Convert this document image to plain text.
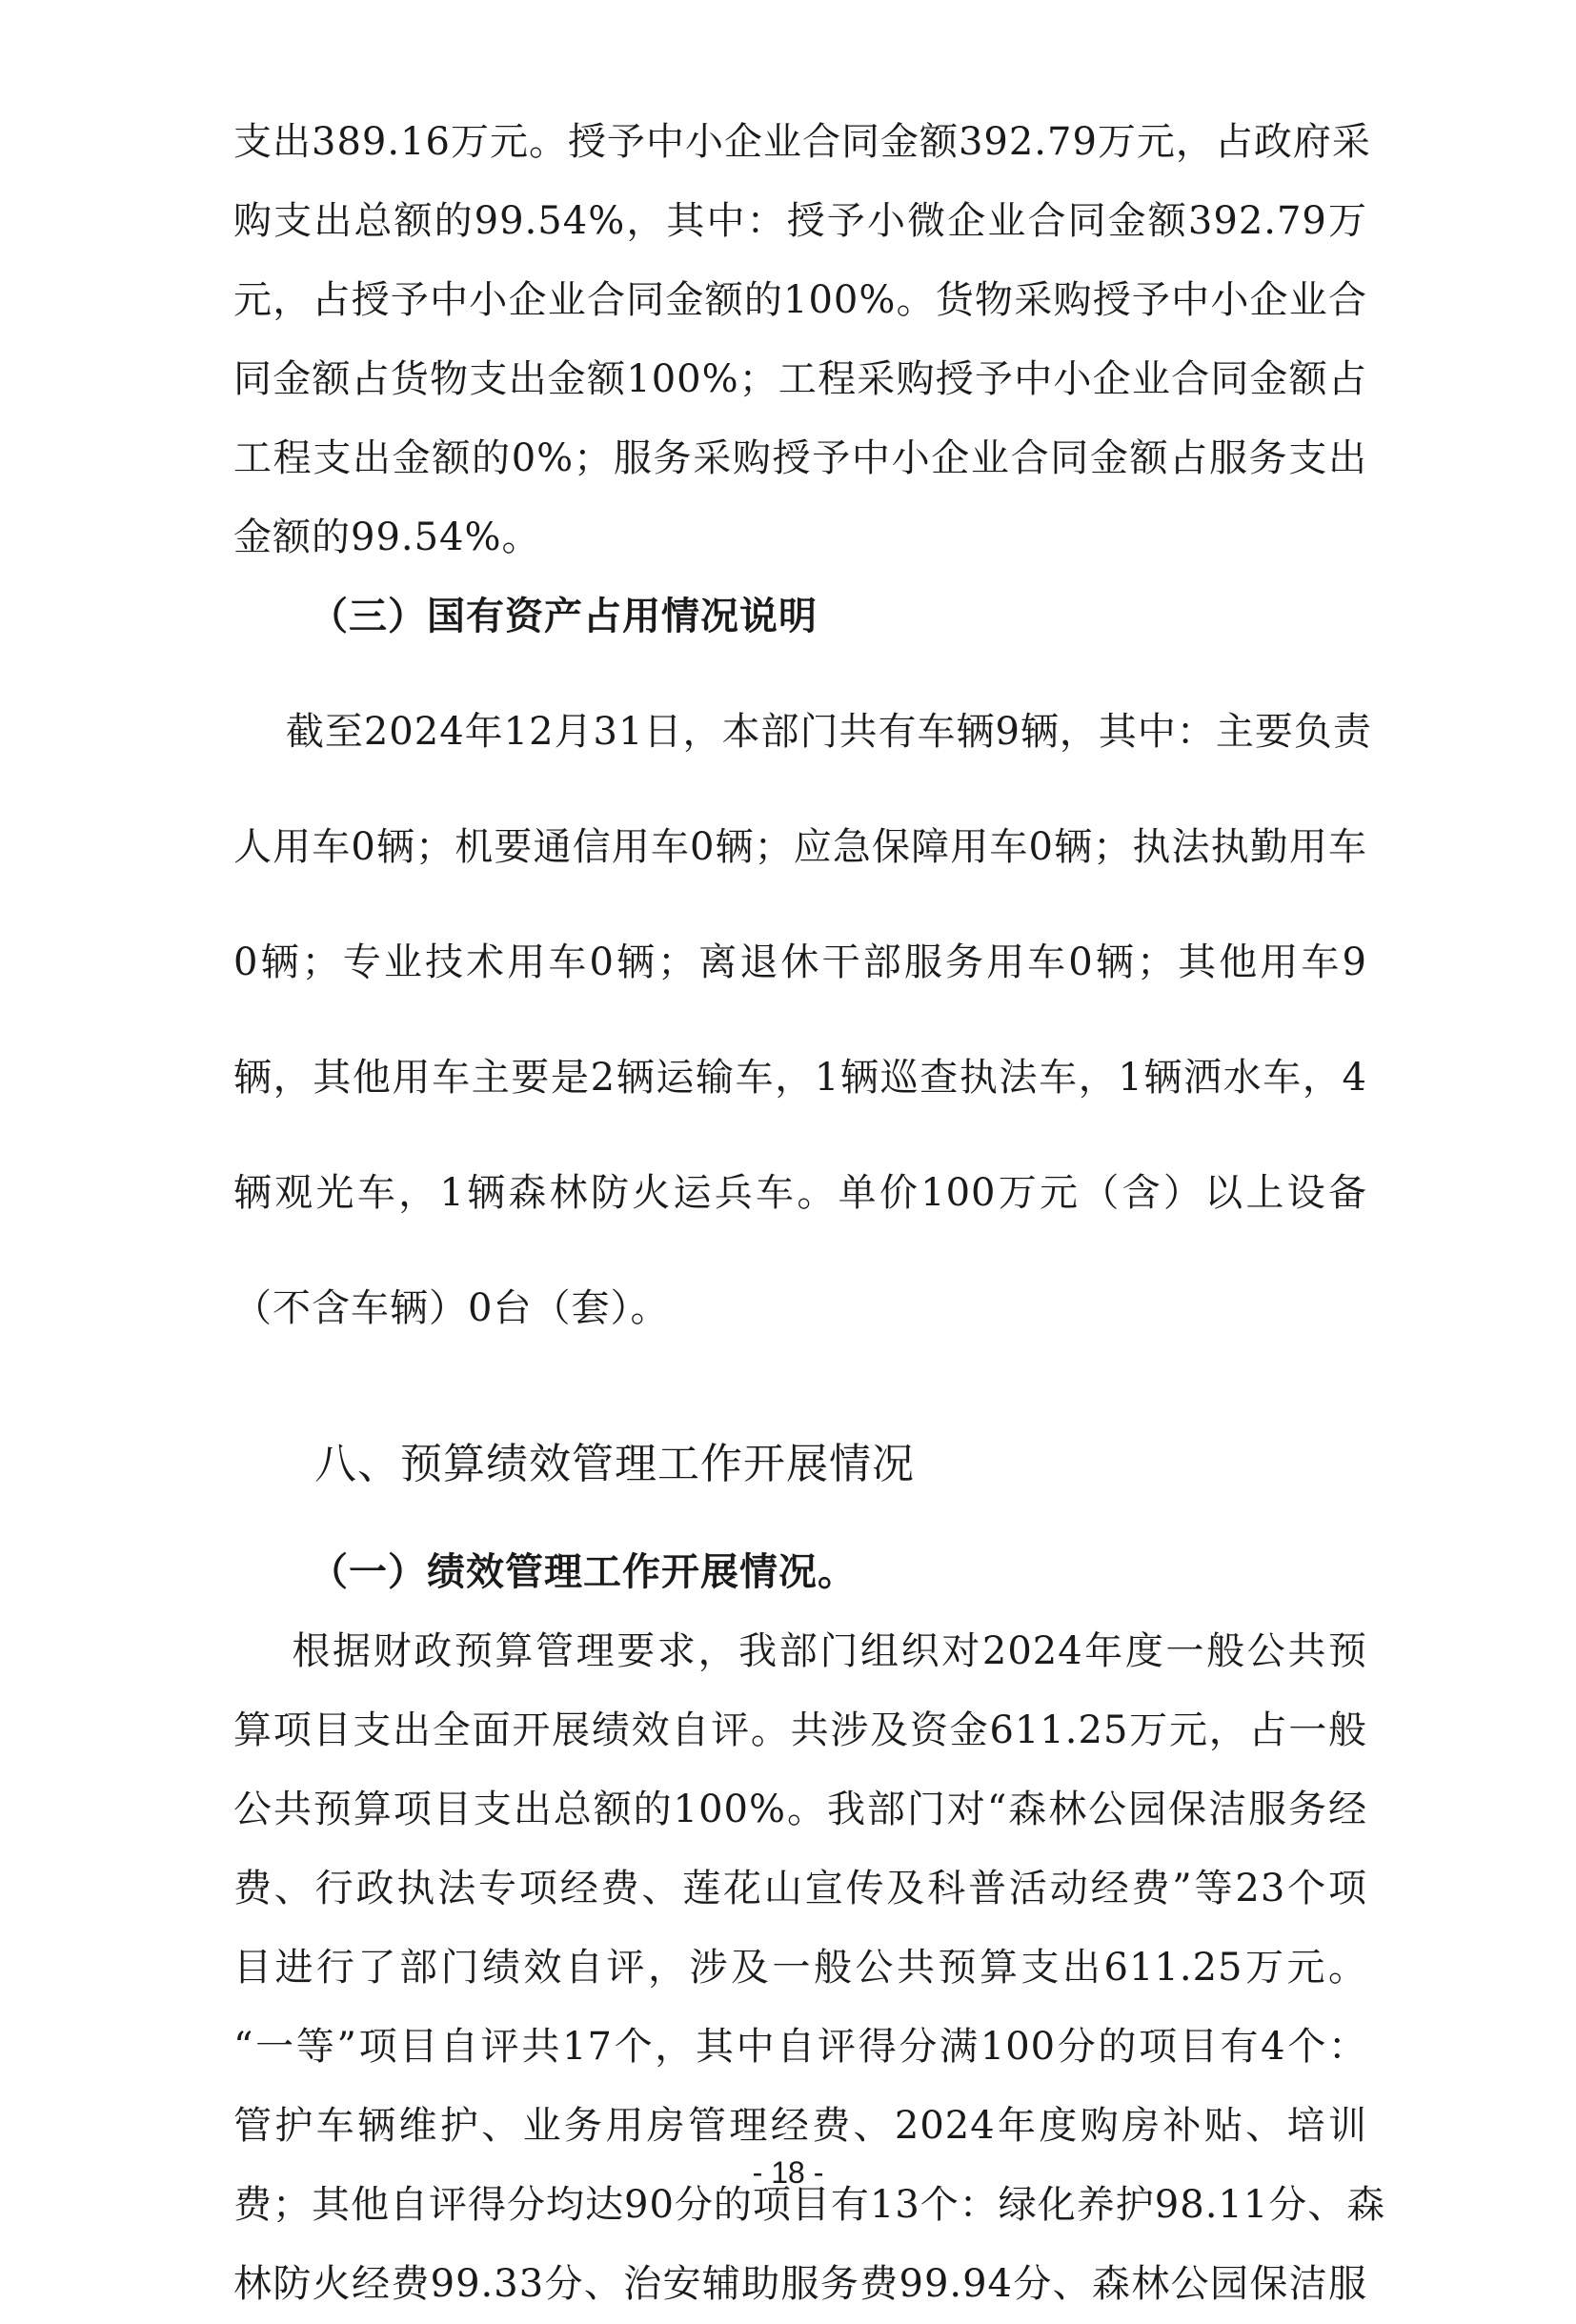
支出389.16万元。授予中小企业合同金额392.79万元，占政府采
购支出总额的99.54%，其中：授予小微企业合同金额392.79万
元，占授予中小企业合同金额的100%。货物采购授予中小企业合
同金额占货物支出金额100%；工程采购授予中小企业合同金额占
工程支出金额的0%；服务采购授予中小企业合同金额占服务支出
金额的99.54%。
（三）国有资产占用情况说明

截至2024年12月31日，本部门共有车辆9辆，其中：主要负责

人用车0辆；机要通信用车0辆；应急保障用车0辆；执法执勤用车

0辆；专业技术用车0辆；离退休干部服务用车0辆；其他用车9

辆，其他用车主要是2辆运输车，1辆巡查执法车，1辆洒水车，4

辆观光车，1辆森林防火运兵车。单价100万元（含）以上设备

（不含车辆）0台（套）。

八、预算绩效管理工作开展情况
（一）绩效管理工作开展情况。
根据财政预算管理要求，我部门组织对2024年度一般公共预
算项目支出全面开展绩效自评。共涉及资金611.25万元，占一般
公共预算项目支出总额的100%。我部门对“森林公园保洁服务经
费、行政执法专项经费、莲花山宣传及科普活动经费”等23个项
目进行了部门绩效自评，涉及一般公共预算支出611.25万元。
“一等”项目自评共17个，其中自评得分满100分的项目有4个：
管护车辆维护、业务用房管理经费、2024年度购房补贴、培训
费；其他自评得分均达90分的项目有13个：绿化养护98.11分、森
林防火经费99.33分、治安辅助服务费99.94分、森林公园保洁服
- 18 -
